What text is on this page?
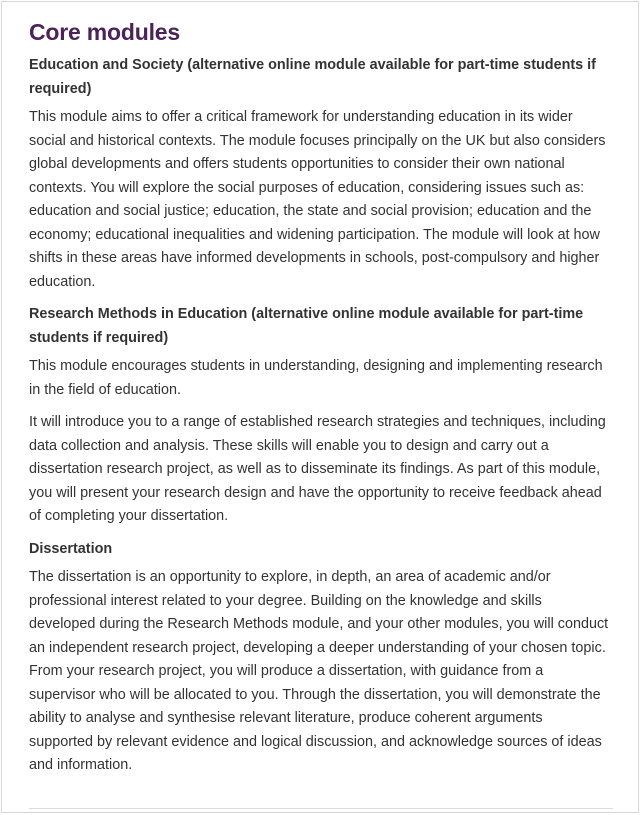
Core modules
Education and Society (alternative online module available for part-time students if required)

This module aims to offer a critical framework for understanding education in its wider social and historical contexts. The module focuses principally on the UK but also considers global developments and offers students opportunities to consider their own national contexts. You will explore the social purposes of education, considering issues such as: education and social justice; education, the state and social provision; education and the economy; educational inequalities and widening participation. The module will look at how shifts in these areas have informed developments in schools, post-compulsory and higher education.

Research Methods in Education (alternative online module available for part-time students if required)

This module encourages students in understanding, designing and implementing research in the field of education.

It will introduce you to a range of established research strategies and techniques, including data collection and analysis. These skills will enable you to design and carry out a dissertation research project, as well as to disseminate its findings. As part of this module, you will present your research design and have the opportunity to receive feedback ahead of completing your dissertation.

Dissertation

The dissertation is an opportunity to explore, in depth, an area of academic and/or professional interest related to your degree. Building on the knowledge and skills developed during the Research Methods module, and your other modules, you will conduct an independent research project, developing a deeper understanding of your chosen topic. From your research project, you will produce a dissertation, with guidance from a supervisor who will be allocated to you. Through the dissertation, you will demonstrate the ability to analyse and synthesise relevant literature, produce coherent arguments supported by relevant evidence and logical discussion, and acknowledge sources of ideas and information.
